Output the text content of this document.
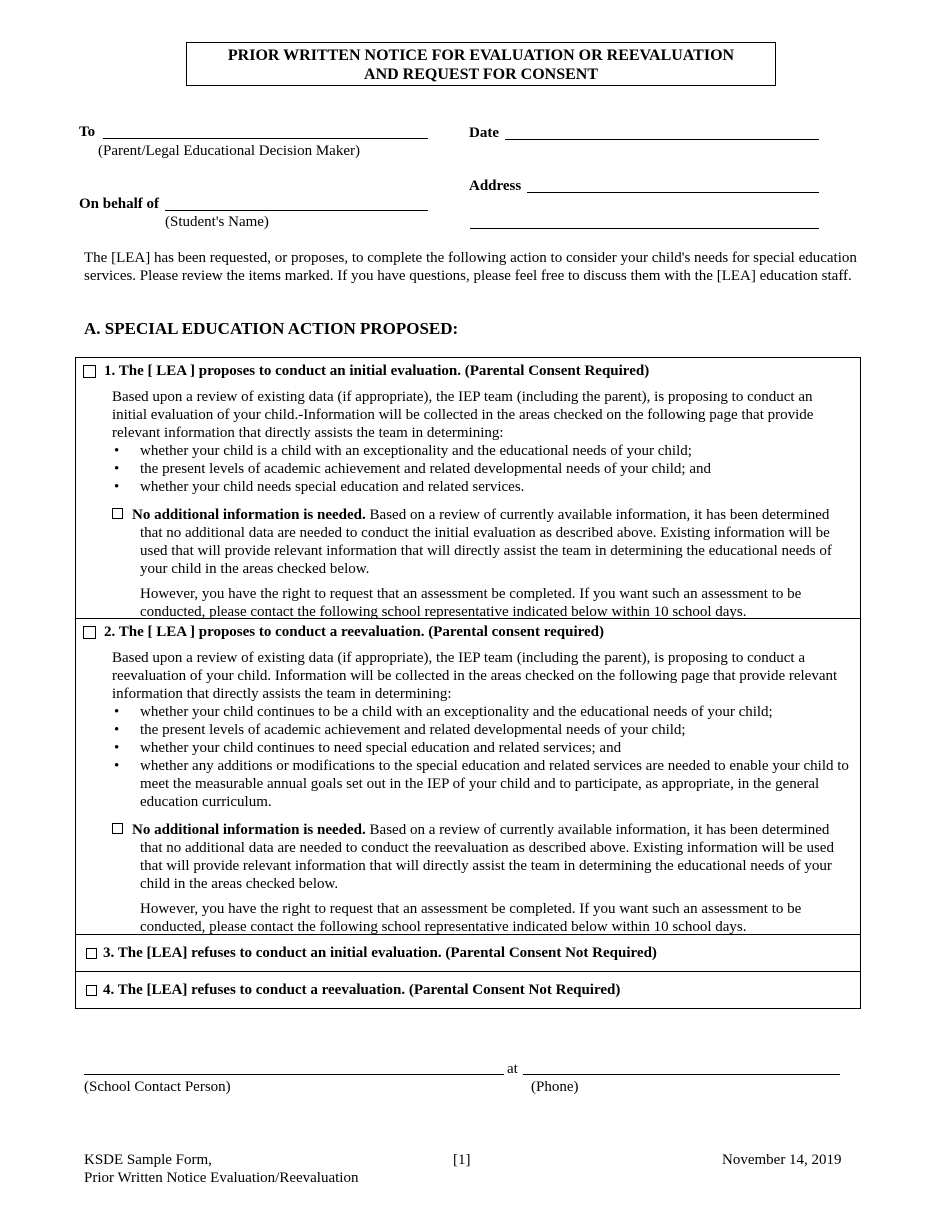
PRIOR WRITTEN NOTICE FOR EVALUATION OR REEVALUATION
AND REQUEST FOR CONSENT
To
(Parent/Legal Educational Decision Maker)
Date
Address
On behalf of
(Student's Name)
The [LEA] has been requested, or proposes, to complete the following action to consider your child's needs for special education services. Please review the items marked. If you have questions, please feel free to discuss them with the [LEA] education staff.
A. SPECIAL EDUCATION ACTION PROPOSED:
1. The [ LEA ] proposes to conduct an initial evaluation. (Parental Consent Required)
Based upon a review of existing data (if appropriate), the IEP team (including the parent), is proposing to conduct an initial evaluation of your child.-Information will be collected in the areas checked on the following page that provide relevant information that directly assists the team in determining:
• whether your child is a child with an exceptionality and the educational needs of your child;
• the present levels of academic achievement and related developmental needs of your child; and
• whether your child needs special education and related services.
No additional information is needed. Based on a review of currently available information, it has been determined that no additional data are needed to conduct the initial evaluation as described above. Existing information will be used that will provide relevant information that will directly assist the team in determining the educational needs of your child in the areas checked below.
However, you have the right to request that an assessment be completed. If you want such an assessment to be conducted, please contact the following school representative indicated below within 10 school days.
2. The [ LEA ] proposes to conduct a reevaluation. (Parental consent required)
Based upon a review of existing data (if appropriate), the IEP team (including the parent), is proposing to conduct a reevaluation of your child. Information will be collected in the areas checked on the following page that provide relevant information that directly assists the team in determining:
• whether your child continues to be a child with an exceptionality and the educational needs of your child;
• the present levels of academic achievement and related developmental needs of your child;
• whether your child continues to need special education and related services; and
• whether any additions or modifications to the special education and related services are needed to enable your child to meet the measurable annual goals set out in the IEP of your child and to participate, as appropriate, in the general education curriculum.
No additional information is needed. Based on a review of currently available information, it has been determined that no additional data are needed to conduct the reevaluation as described above. Existing information will be used that will provide relevant information that will directly assist the team in determining the educational needs of your child in the areas checked below.
However, you have the right to request that an assessment be completed. If you want such an assessment to be conducted, please contact the following school representative indicated below within 10 school days.
3. The [LEA] refuses to conduct an initial evaluation. (Parental Consent Not Required)
4. The [LEA] refuses to conduct a reevaluation. (Parental Consent Not Required)
at
(School Contact Person)	(Phone)
KSDE Sample Form,
Prior Written Notice Evaluation/Reevaluation
[1]	November 14, 2019
